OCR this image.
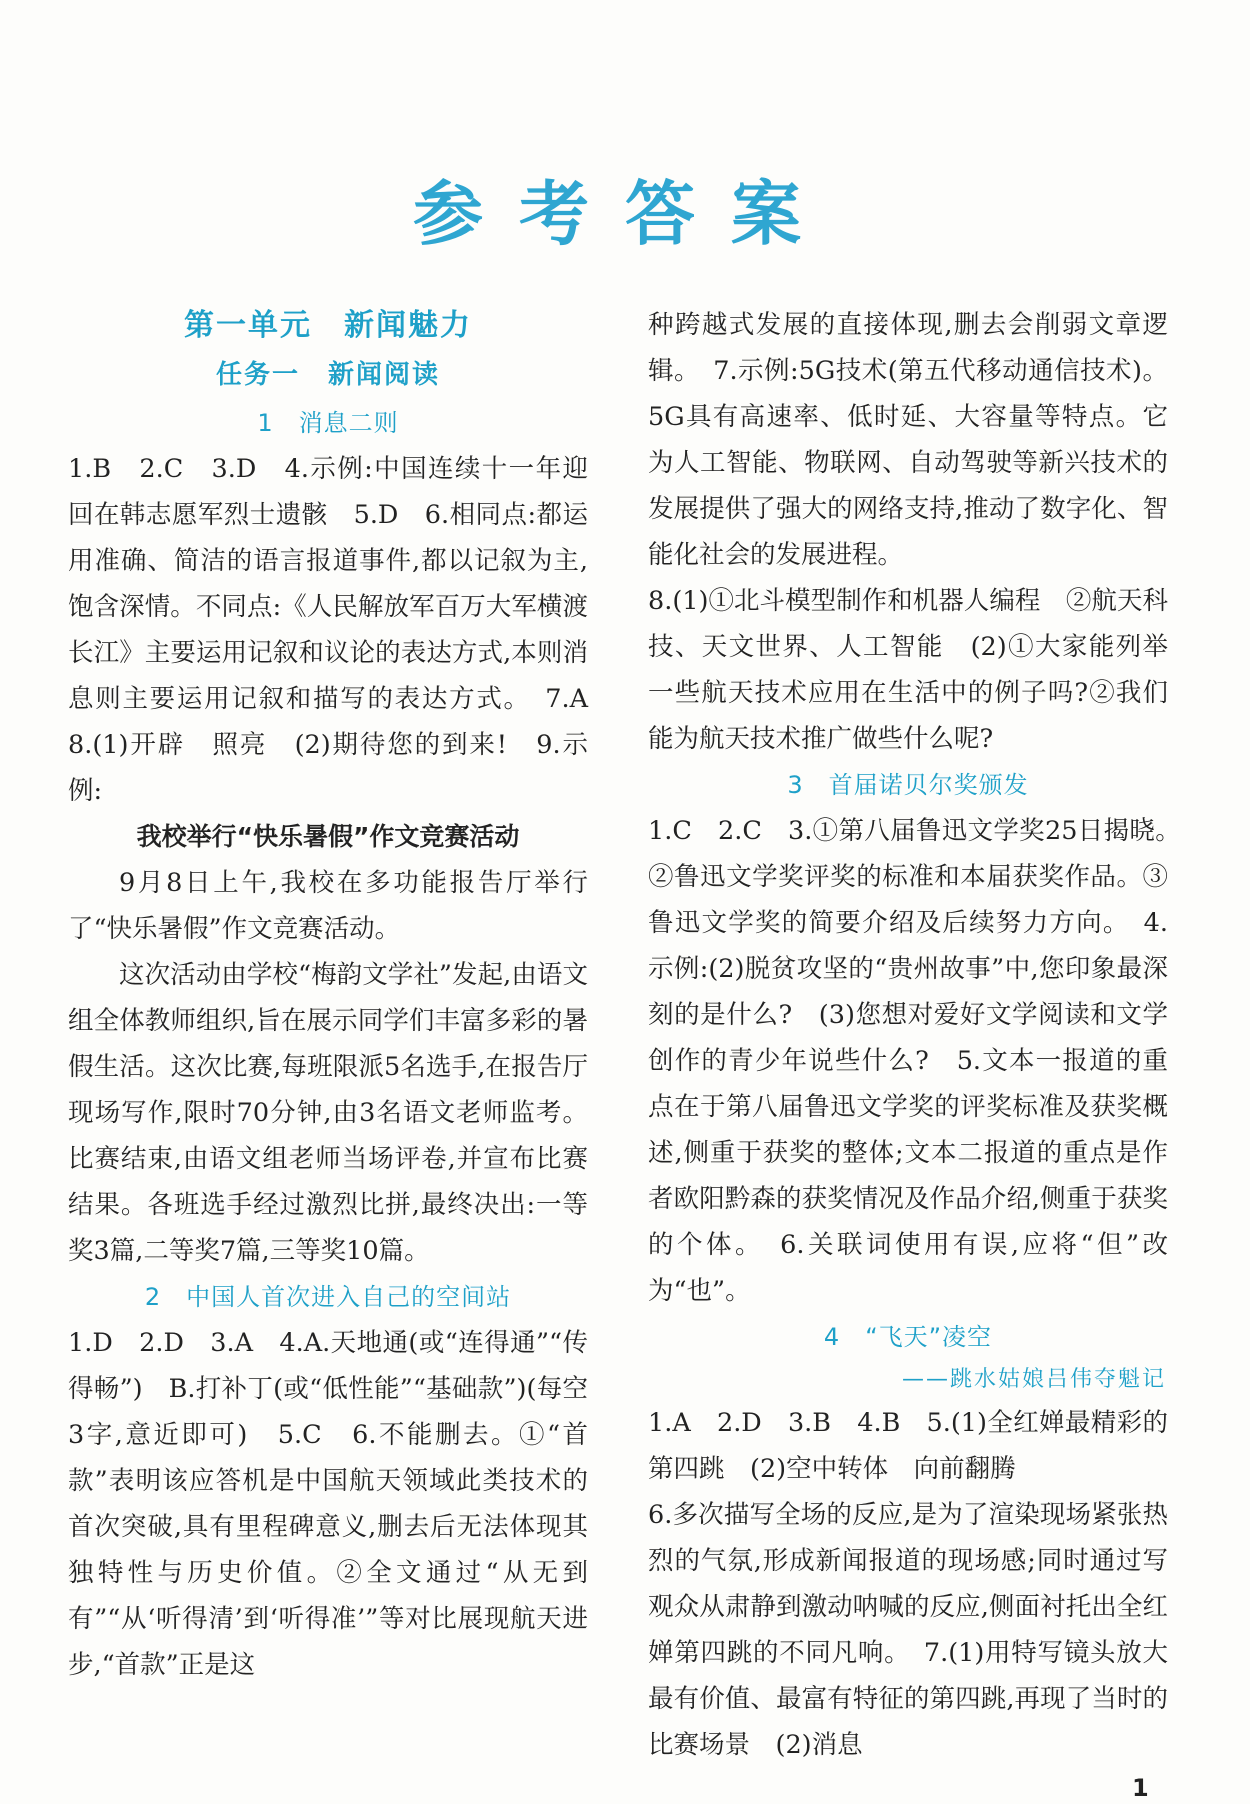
参考答案

第一单元　新闻魅力

任务一　新闻阅读

1　消息二则

1.B　2.C　3.D　4.示例:中国连续十一年迎回在韩志愿军烈士遗骸　5.D　6.相同点:都运用准确、简洁的语言报道事件,都以记叙为主,饱含深情。不同点:《人民解放军百万大军横渡长江》主要运用记叙和议论的表达方式,本则消息则主要运用记叙和描写的表达方式。　7.A　8.(1)开辟　照亮　(2)期待您的到来!　9.示例:

我校举行“快乐暑假”作文竞赛活动

9月8日上午,我校在多功能报告厅举行了“快乐暑假”作文竞赛活动。

这次活动由学校“梅韵文学社”发起,由语文组全体教师组织,旨在展示同学们丰富多彩的暑假生活。这次比赛,每班限派5名选手,在报告厅现场写作,限时70分钟,由3名语文老师监考。比赛结束,由语文组老师当场评卷,并宣布比赛结果。各班选手经过激烈比拼,最终决出:一等奖3篇,二等奖7篇,三等奖10篇。

2　中国人首次进入自己的空间站

1.D　2.D　3.A　4.A.天地通(或“连得通”“传得畅”)　B.打补丁(或“低性能”“基础款”)(每空3字,意近即可)　5.C　6.不能删去。①“首款”表明该应答机是中国航天领域此类技术的首次突破,具有里程碑意义,删去后无法体现其独特性与历史价值。②全文通过“从无到有”“从‘听得清’到‘听得准’”等对比展现航天进步,“首款”正是这

种跨越式发展的直接体现,删去会削弱文章逻辑。　7.示例:5G技术(第五代移动通信技术)。5G具有高速率、低时延、大容量等特点。它为人工智能、物联网、自动驾驶等新兴技术的发展提供了强大的网络支持,推动了数字化、智能化社会的发展进程。

8.(1)①北斗模型制作和机器人编程　②航天科技、天文世界、人工智能　(2)①大家能列举一些航天技术应用在生活中的例子吗?②我们能为航天技术推广做些什么呢?

3　首届诺贝尔奖颁发

1.C　2.C　3.①第八届鲁迅文学奖25日揭晓。　②鲁迅文学奖评奖的标准和本届获奖作品。③鲁迅文学奖的简要介绍及后续努力方向。　4.示例:(2)脱贫攻坚的“贵州故事”中,您印象最深刻的是什么?　(3)您想对爱好文学阅读和文学创作的青少年说些什么?　5.文本一报道的重点在于第八届鲁迅文学奖的评奖标准及获奖概述,侧重于获奖的整体;文本二报道的重点是作者欧阳黔森的获奖情况及作品介绍,侧重于获奖的个体。　6.关联词使用有误,应将“但”改为“也”。

4　“飞天”凌空

——跳水姑娘吕伟夺魁记

1.A　2.D　3.B　4.B　5.(1)全红婵最精彩的第四跳　(2)空中转体　向前翻腾

6.多次描写全场的反应,是为了渲染现场紧张热烈的气氛,形成新闻报道的现场感;同时通过写观众从肃静到激动呐喊的反应,侧面衬托出全红婵第四跳的不同凡响。　7.(1)用特写镜头放大最有价值、最富有特征的第四跳,再现了当时的比赛场景　(2)消息

1
